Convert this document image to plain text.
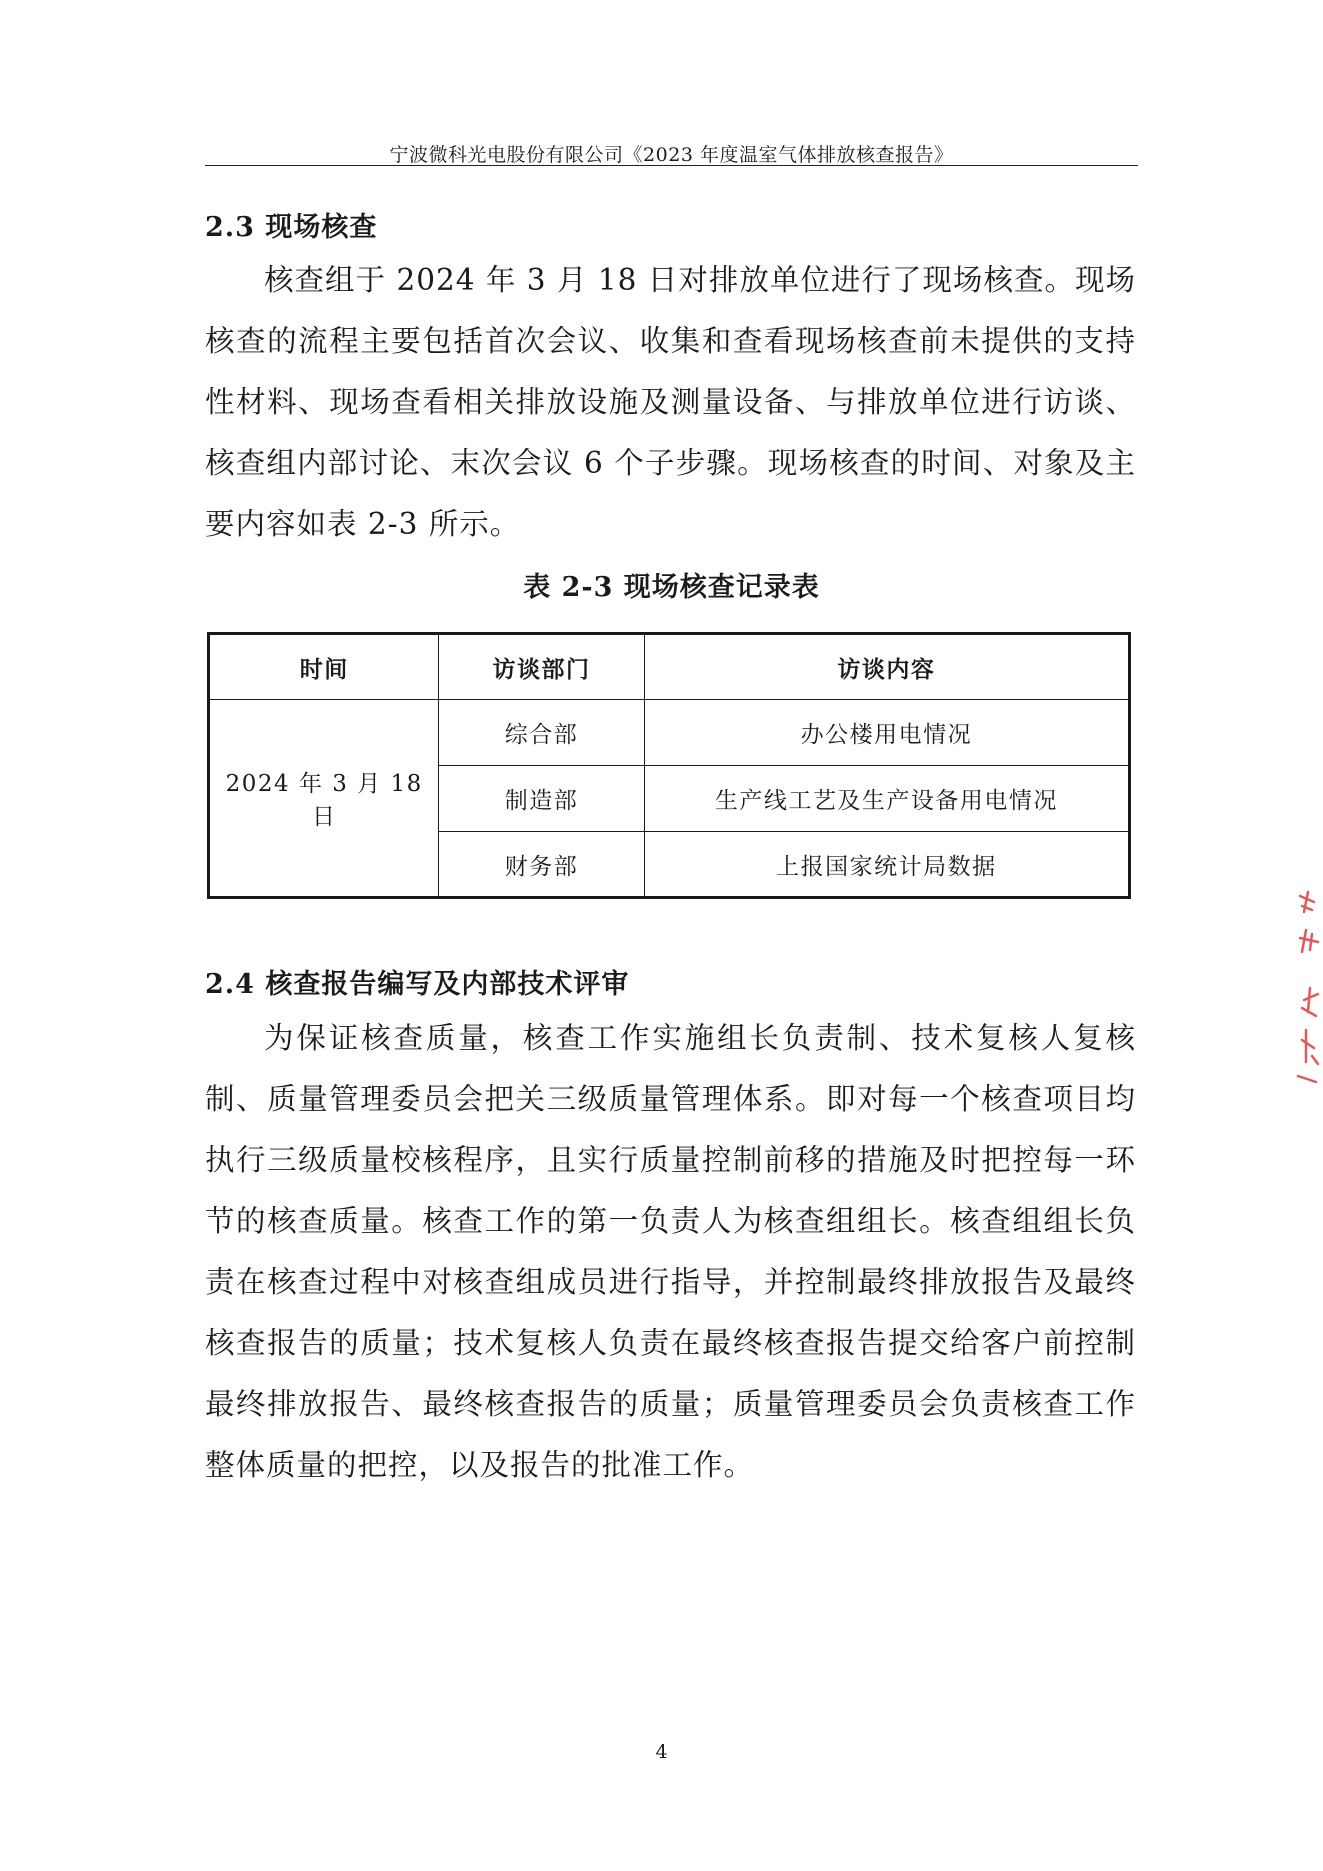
宁波微科光电股份有限公司《2023 年度温室气体排放核查报告》
2.3 现场核查
核查组于 2024 年 3 月 18 日对排放单位进行了现场核查。现场核查的流程主要包括首次会议、收集和查看现场核查前未提供的支持性材料、现场查看相关排放设施及测量设备、与排放单位进行访谈、核查组内部讨论、末次会议 6 个子步骤。现场核查的时间、对象及主要内容如表 2-3 所示。
表 2-3 现场核查记录表
时间	访谈部门	访谈内容
2024 年 3 月 18 日	综合部	办公楼用电情况
	制造部	生产线工艺及生产设备用电情况
	财务部	上报国家统计局数据
2.4 核查报告编写及内部技术评审
为保证核查质量，核查工作实施组长负责制、技术复核人复核制、质量管理委员会把关三级质量管理体系。即对每一个核查项目均执行三级质量校核程序，且实行质量控制前移的措施及时把控每一环节的核查质量。核查工作的第一负责人为核查组组长。核查组组长负责在核查过程中对核查组成员进行指导，并控制最终排放报告及最终核查报告的质量；技术复核人负责在最终核查报告提交给客户前控制最终排放报告、最终核查报告的质量；质量管理委员会负责核查工作整体质量的把控，以及报告的批准工作。
4
